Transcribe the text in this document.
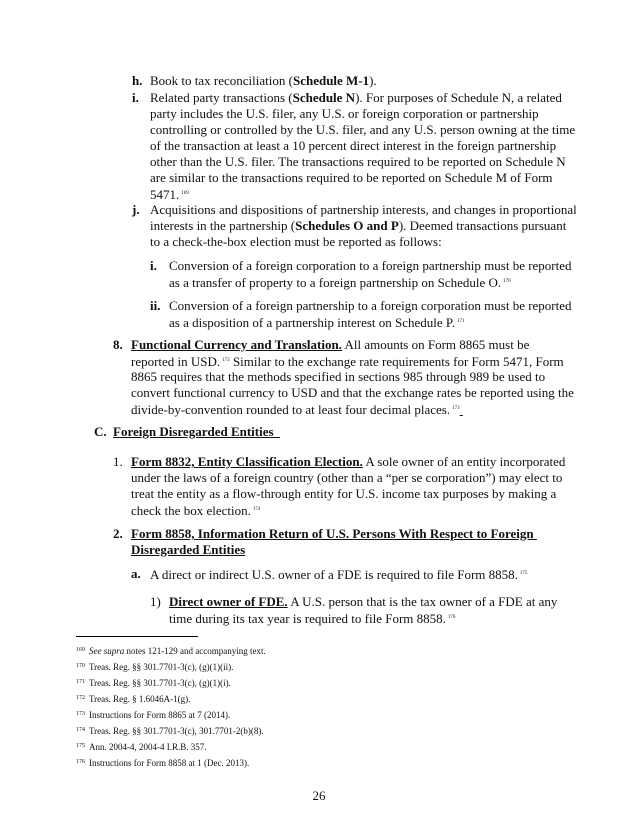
h. Book to tax reconciliation (Schedule M-1).
i. Related party transactions (Schedule N). For purposes of Schedule N, a related
party includes the U.S. filer, any U.S. or foreign corporation or partnership
controlling or controlled by the U.S. filer, and any U.S. person owning at the time
of the transaction at least a 10 percent direct interest in the foreign partnership
other than the U.S. filer. The transactions required to be reported on Schedule N
are similar to the transactions required to be reported on Schedule M of Form
5471. $^{169}$
j. Acquisitions and dispositions of partnership interests, and changes in proportional
interests in the partnership (Schedules O and P). Deemed transactions pursuant
to a check-the-box election must be reported as follows:
i. Conversion of a foreign corporation to a foreign partnership must be reported
as a transfer of property to a foreign partnership on Schedule O. $^{170}$
ii. Conversion of a foreign partnership to a foreign corporation must be reported
as a disposition of a partnership interest on Schedule P. $^{171}$
8. Functional Currency and Translation. All amounts on Form 8865 must be
reported in USD. $^{172}$ Similar to the exchange rate requirements for Form 5471, Form
8865 requires that the methods specified in sections 985 through 989 be used to
convert functional currency to USD and that the exchange rates be reported using the
divide-by-convention rounded to at least four decimal places. $^{173}$
C. Foreign Disregarded Entities
1. Form 8832, Entity Classification Election. A sole owner of an entity incorporated
under the laws of a foreign country (other than a “per se corporation”) may elect to
treat the entity as a flow-through entity for U.S. income tax purposes by making a
check the box election. $^{174}$
2. Form 8858, Information Return of U.S. Persons With Respect to Foreign
Disregarded Entities
a. A direct or indirect U.S. owner of a FDE is required to file Form 8858. $^{175}$
1) Direct owner of FDE. A U.S. person that is the tax owner of a FDE at any
time during its tax year is required to file Form 8858. $^{176}$
$^{169}$ See supra notes 121-129 and accompanying text.
$^{170}$ Treas. Reg. §§ 301.7701-3(c), (g)(1)(ii).
$^{171}$ Treas. Reg. §§ 301.7701-3(c), (g)(1)(i).
$^{172}$ Treas. Reg. § 1.6046A-1(g).
$^{173}$ Instructions for Form 8865 at 7 (2014).
$^{174}$ Treas. Reg. §§ 301.7701-3(c), 301.7701-2(b)(8).
$^{175}$ Ann. 2004-4, 2004-4 I.R.B. 357.
$^{176}$ Instructions for Form 8858 at 1 (Dec. 2013).
26
